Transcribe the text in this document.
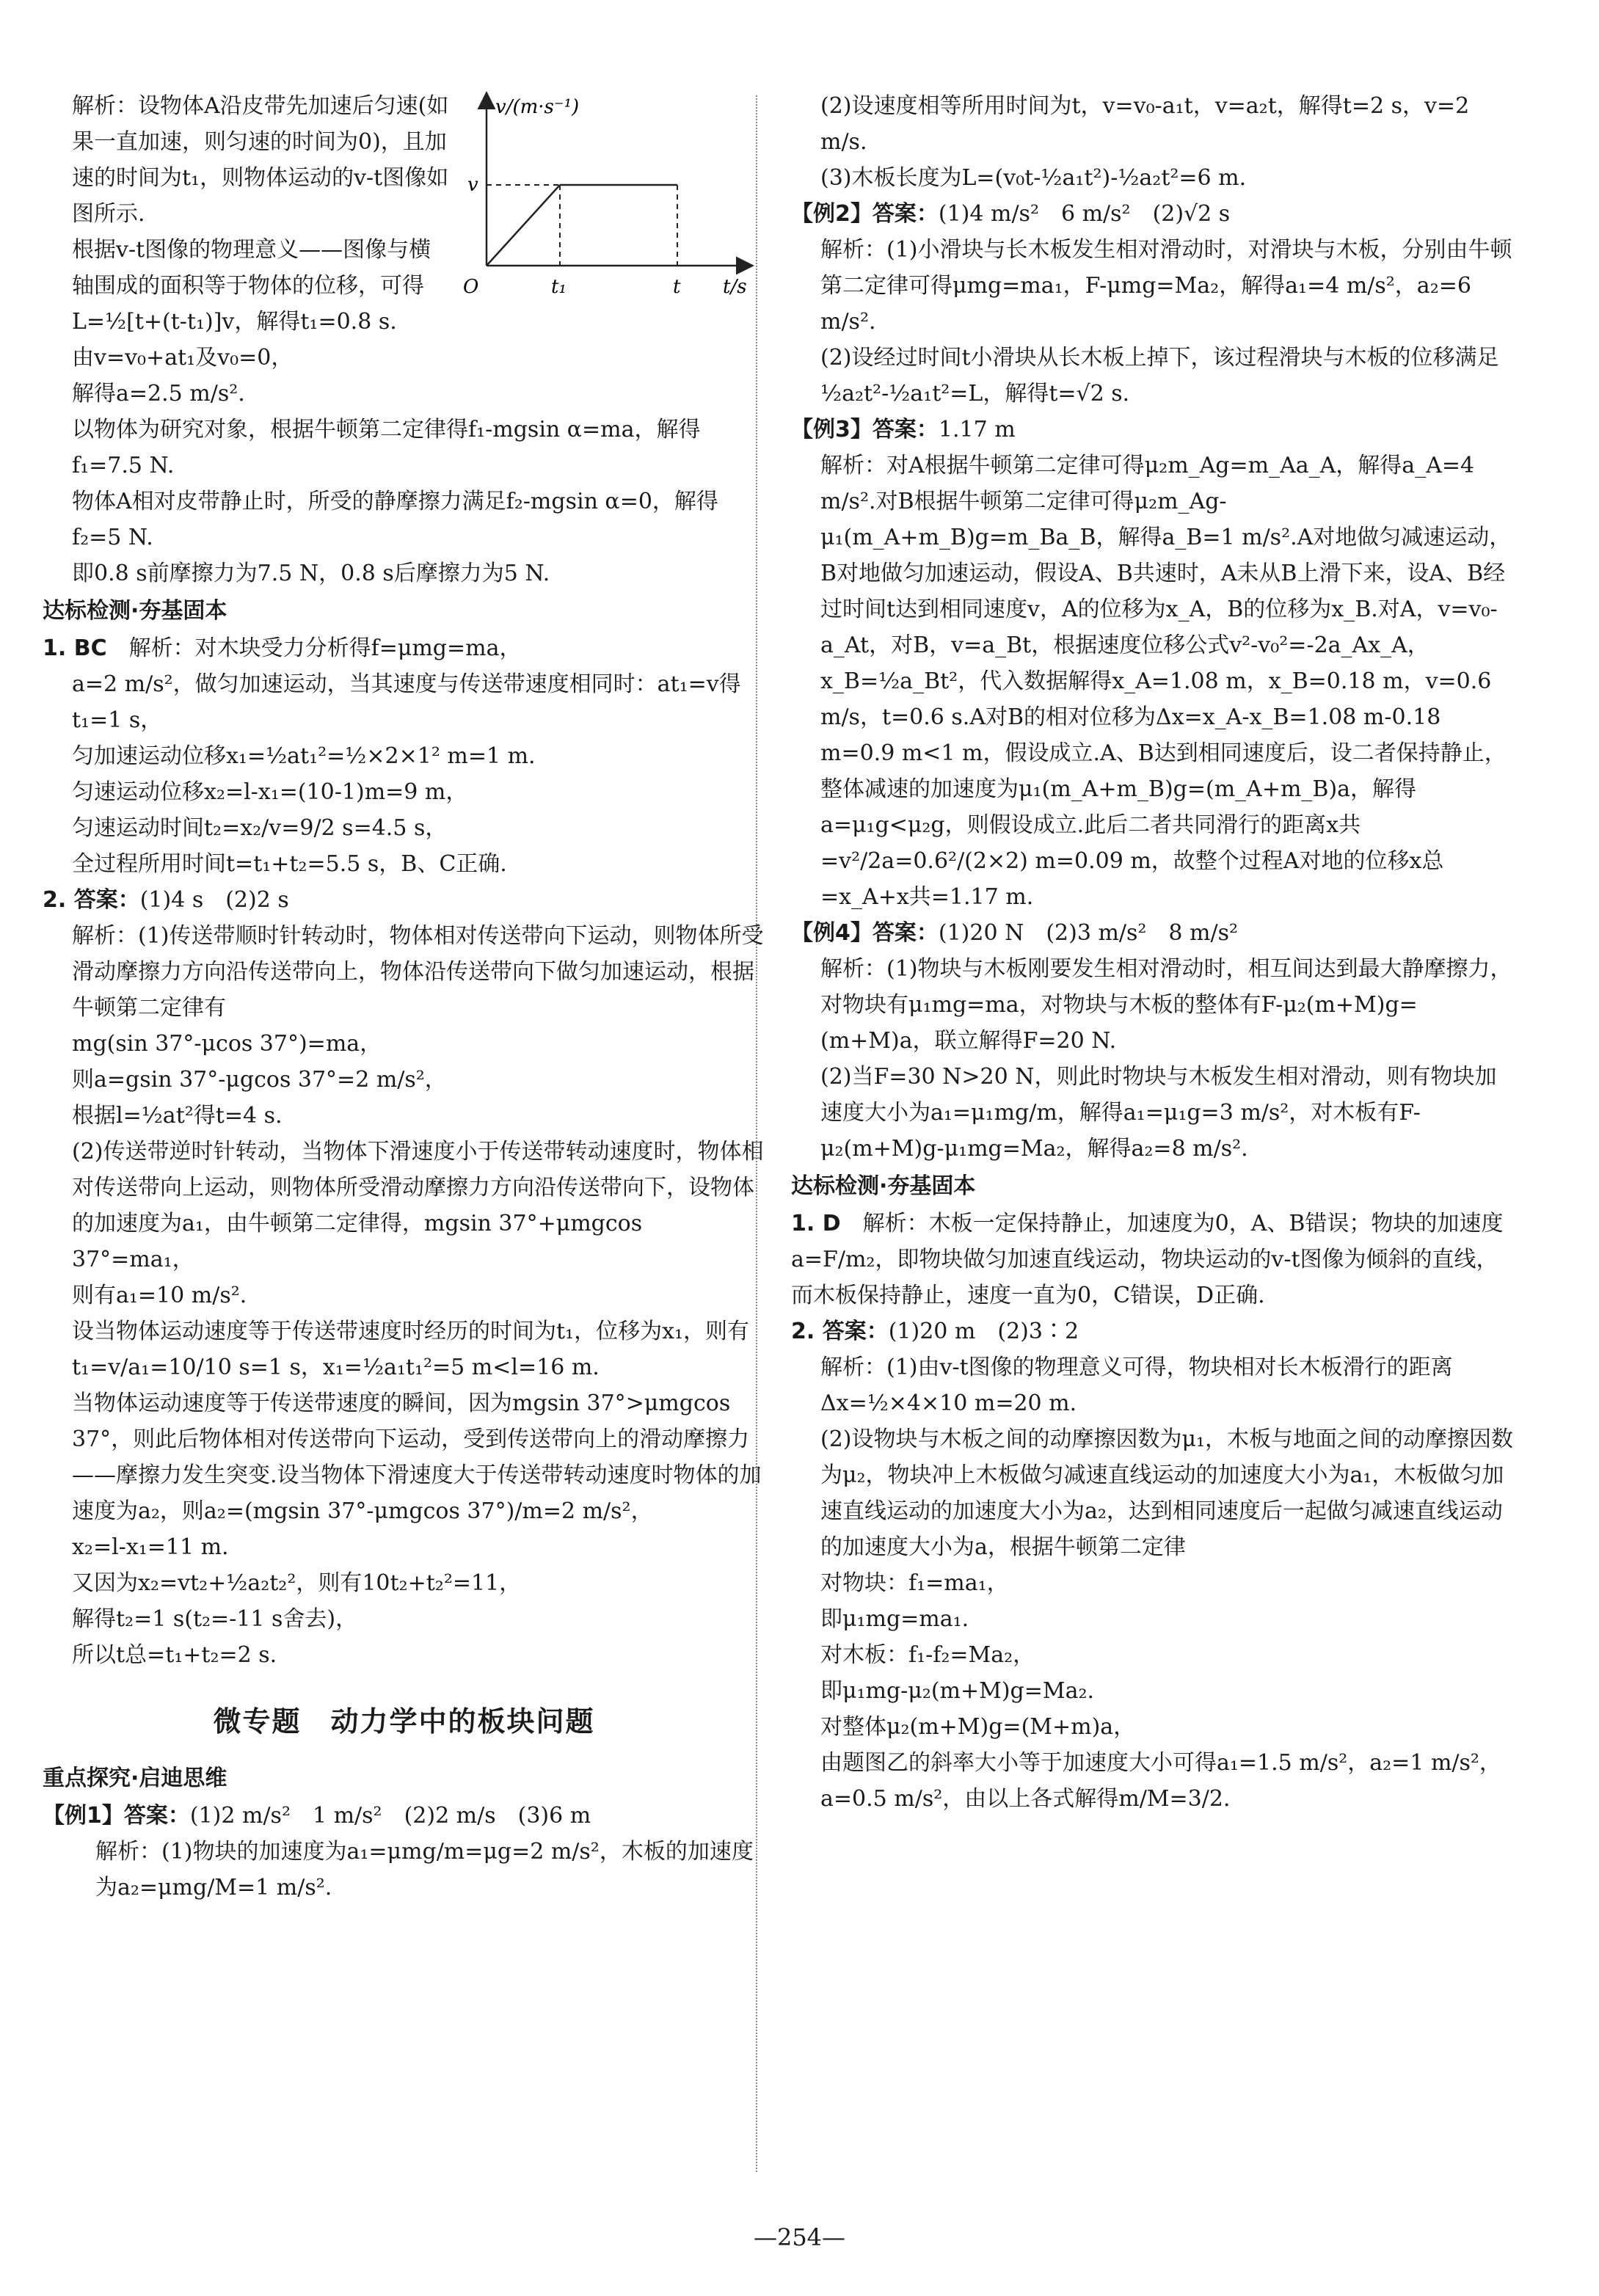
v/(m·s⁻¹)
t/s
O
v
t₁	t

解析：设物体A沿皮带先加速后匀速(如果一直加速，则匀速的时间为0)，且加速的时间为t₁，则物体运动的v-t图像如图所示.

根据v-t图像的物理意义——图像与横轴围成的面积等于物体的位移，可得L=½[t+(t-t₁)]v，解得t₁=0.8 s.

由v=v₀+at₁及v₀=0，

解得a=2.5 m/s².

以物体为研究对象，根据牛顿第二定律得f₁-mgsin α=ma，解得f₁=7.5 N.

物体A相对皮带静止时，所受的静摩擦力满足f₂-mgsin α=0，解得f₂=5 N.

即0.8 s前摩擦力为7.5 N，0.8 s后摩擦力为5 N.

达标检测·夯基固本

1. BC　 解析：对木块受力分析得f=μmg=ma，

a=2 m/s²，做匀加速运动，当其速度与传送带速度相同时：at₁=v得t₁=1 s，

匀加速运动位移x₁=½at₁²=½×2×1² m=1 m.

匀速运动位移x₂=l-x₁=(10-1)m=9 m，

匀速运动时间t₂=x₂/v=9/2 s=4.5 s，

全过程所用时间t=t₁+t₂=5.5 s，B、C正确.

2. 答案：(1)4 s　(2)2 s

解析：(1)传送带顺时针转动时，物体相对传送带向下运动，则物体所受滑动摩擦力方向沿传送带向上，物体沿传送带向下做匀加速运动，根据牛顿第二定律有

mg(sin 37°-μcos 37°)=ma，

则a=gsin 37°-μgcos 37°=2 m/s²，

根据l=½at²得t=4 s.

(2)传送带逆时针转动，当物体下滑速度小于传送带转动速度时，物体相对传送带向上运动，则物体所受滑动摩擦力方向沿传送带向下，设物体的加速度为a₁，由牛顿第二定律得，mgsin 37°+μmgcos 37°=ma₁，

则有a₁=10 m/s².

设当物体运动速度等于传送带速度时经历的时间为t₁，位移为x₁，则有

t₁=v/a₁=10/10 s=1 s，x₁=½a₁t₁²=5 m<l=16 m.

当物体运动速度等于传送带速度的瞬间，因为mgsin 37°>μmgcos 37°，则此后物体相对传送带向下运动，受到传送带向上的滑动摩擦力——摩擦力发生突变.设当物体下滑速度大于传送带转动速度时物体的加速度为a₂，则a₂=(mgsin 37°-μmgcos 37°)/m=2 m/s²，

x₂=l-x₁=11 m.

又因为x₂=vt₂+½a₂t₂²，则有10t₂+t₂²=11，

解得t₂=1 s(t₂=-11 s舍去)，

所以t总=t₁+t₂=2 s.

微专题　动力学中的板块问题

重点探究·启迪思维

【例1】答案：(1)2 m/s²　1 m/s²　(2)2 m/s　(3)6 m

解析：(1)物块的加速度为a₁=μmg/m=μg=2 m/s²，木板的加速度为a₂=μmg/M=1 m/s².

(2)设速度相等所用时间为t，v=v₀-a₁t，v=a₂t，解得t=2 s，v=2 m/s.

(3)木板长度为L=(v₀t-½a₁t²)-½a₂t²=6 m.

【例2】答案：(1)4 m/s²　6 m/s²　(2)√2 s

解析：(1)小滑块与长木板发生相对滑动时，对滑块与木板，分别由牛顿第二定律可得μmg=ma₁，F-μmg=Ma₂，解得a₁=4 m/s²，a₂=6 m/s².

(2)设经过时间t小滑块从长木板上掉下，该过程滑块与木板的位移满足½a₂t²-½a₁t²=L，解得t=√2 s.

【例3】答案：1.17 m

解析：对A根据牛顿第二定律可得μ₂m_Ag=m_Aa_A，解得a_A=4 m/s².对B根据牛顿第二定律可得μ₂m_Ag-μ₁(m_A+m_B)g=m_Ba_B，解得a_B=1 m/s².A对地做匀减速运动，B对地做匀加速运动，假设A、B共速时，A未从B上滑下来，设A、B经过时间t达到相同速度v，A的位移为x_A，B的位移为x_B.对A，v=v₀-a_At，对B，v=a_Bt，根据速度位移公式v²-v₀²=-2a_Ax_A，x_B=½a_Bt²，代入数据解得x_A=1.08 m，x_B=0.18 m，v=0.6 m/s，t=0.6 s.A对B的相对位移为Δx=x_A-x_B=1.08 m-0.18 m=0.9 m<1 m，假设成立.A、B达到相同速度后，设二者保持静止，整体减速的加速度为μ₁(m_A+m_B)g=(m_A+m_B)a，解得a=μ₁g<μ₂g，则假设成立.此后二者共同滑行的距离x共=v²/2a=0.6²/(2×2) m=0.09 m，故整个过程A对地的位移x总=x_A+x共=1.17 m.

【例4】答案：(1)20 N　(2)3 m/s²　8 m/s²

解析：(1)物块与木板刚要发生相对滑动时，相互间达到最大静摩擦力，对物块有μ₁mg=ma，对物块与木板的整体有F-μ₂(m+M)g=(m+M)a，联立解得F=20 N.

(2)当F=30 N>20 N，则此时物块与木板发生相对滑动，则有物块加速度大小为a₁=μ₁mg/m，解得a₁=μ₁g=3 m/s²，对木板有F-μ₂(m+M)g-μ₁mg=Ma₂，解得a₂=8 m/s².

达标检测·夯基固本

1. D　 解析：木板一定保持静止，加速度为0，A、B错误；物块的加速度a=F/m₂，即物块做匀加速直线运动，物块运动的v-t图像为倾斜的直线，而木板保持静止，速度一直为0，C错误，D正确.

2. 答案：(1)20 m　(2)3∶2

解析：(1)由v-t图像的物理意义可得，物块相对长木板滑行的距离

Δx=½×4×10 m=20 m.

(2)设物块与木板之间的动摩擦因数为μ₁，木板与地面之间的动摩擦因数为μ₂，物块冲上木板做匀减速直线运动的加速度大小为a₁，木板做匀加速直线运动的加速度大小为a₂，达到相同速度后一起做匀减速直线运动的加速度大小为a，根据牛顿第二定律

对物块：f₁=ma₁，

即μ₁mg=ma₁.

对木板：f₁-f₂=Ma₂，

即μ₁mg-μ₂(m+M)g=Ma₂.

对整体μ₂(m+M)g=(M+m)a，

由题图乙的斜率大小等于加速度大小可得a₁=1.5 m/s²，a₂=1 m/s²，a=0.5 m/s²，由以上各式解得m/M=3/2.

—254—
